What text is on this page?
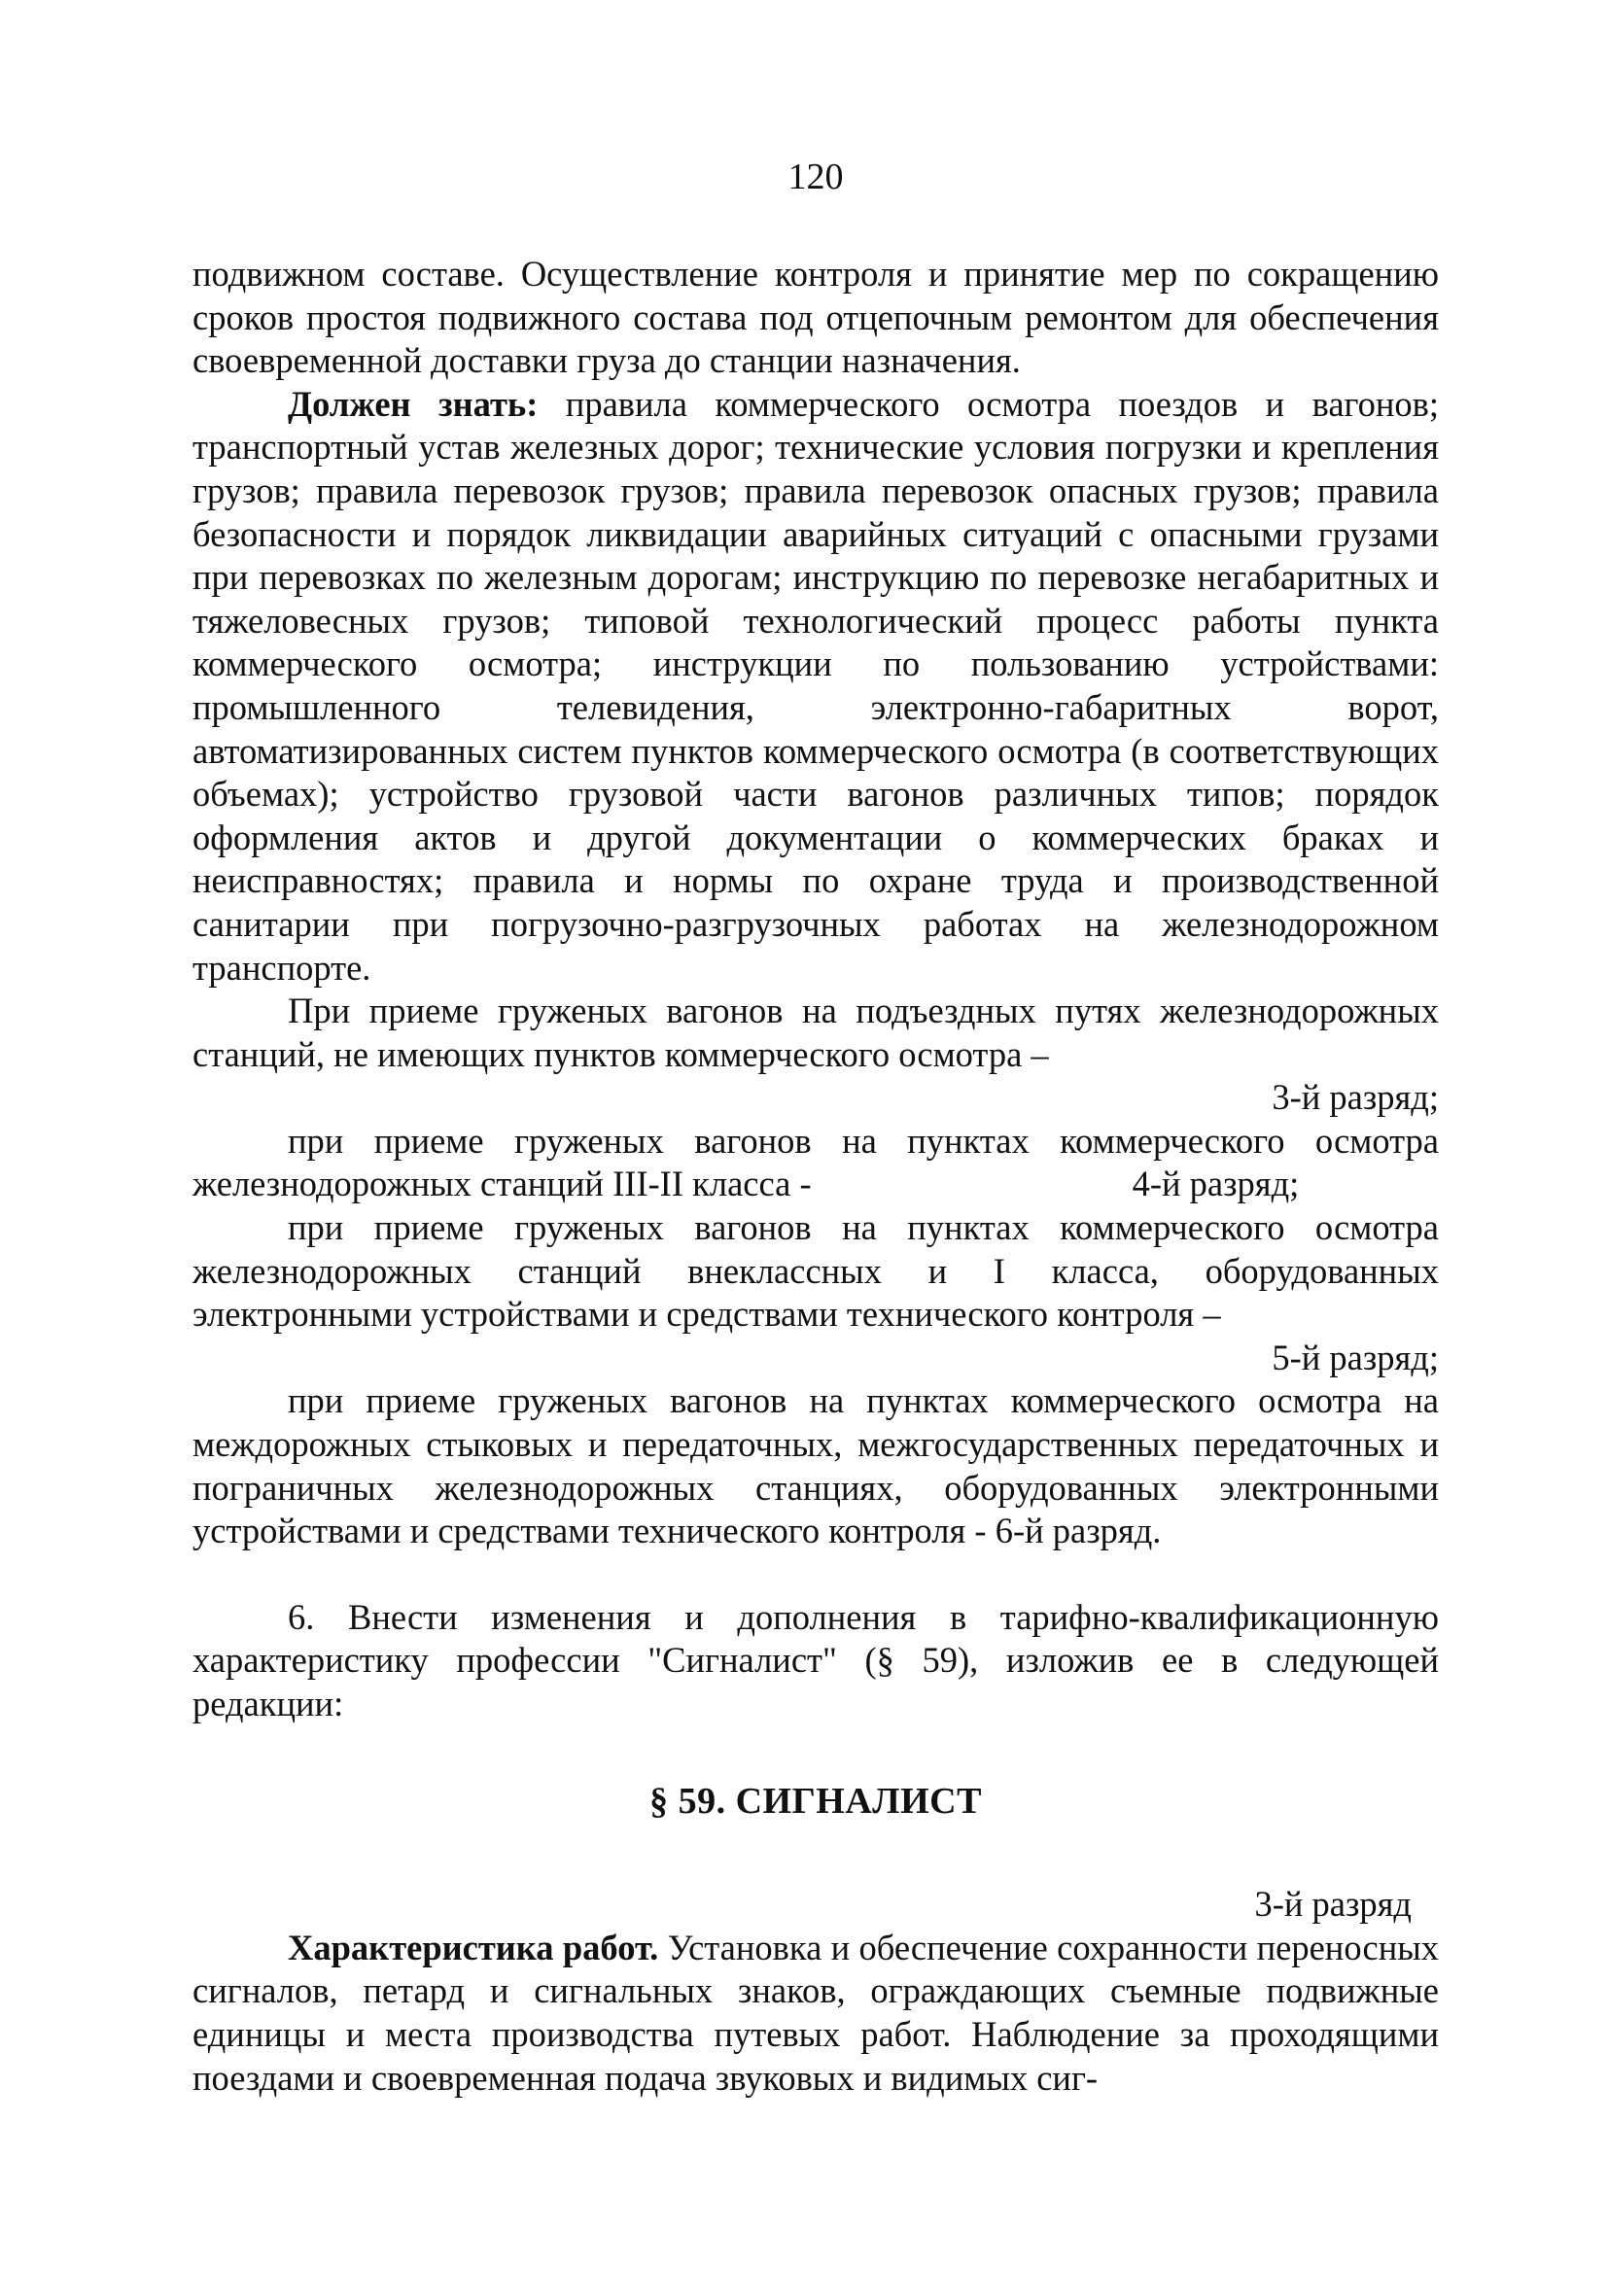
120

подвижном составе. Осуществление контроля и принятие мер по сокращению сроков простоя подвижного состава под отцепочным ремонтом для обеспечения своевременной доставки груза до станции назначения.

Должен знать: правила коммерческого осмотра поездов и вагонов; транспортный устав железных дорог; технические условия погрузки и крепления грузов; правила перевозок грузов; правила перевозок опасных грузов; правила безопасности и порядок ликвидации аварийных ситуаций с опасными грузами при перевозках по железным дорогам; инструкцию по перевозке негабаритных и тяжеловесных грузов; типовой технологический процесс работы пункта коммерческого осмотра; инструкции по пользованию устройствами: промышленного телевидения, электронно-габаритных ворот, автоматизированных систем пунктов коммерческого осмотра (в соответствующих объемах); устройство грузовой части вагонов различных типов; порядок оформления актов и другой документации о коммерческих браках и неисправностях; правила и нормы по охране труда и производственной санитарии при погрузочно-разгрузочных работах на железнодорожном транспорте.

При приеме груженых вагонов на подъездных путях железнодорожных станций, не имеющих пунктов коммерческого осмотра –

3-й разряд;

при приеме груженых вагонов на пунктах коммерческого осмотра железнодорожных станций III-II класса -	4-й разряд;

при приеме груженых вагонов на пунктах коммерческого осмотра железнодорожных станций внеклассных и I класса, оборудованных электронными устройствами и средствами технического контроля –

5-й разряд;

при приеме груженых вагонов на пунктах коммерческого осмотра на междорожных стыковых и передаточных, межгосударственных передаточных и пограничных железнодорожных станциях, оборудованных электронными устройствами и средствами технического контроля - 6-й разряд.

6. Внести изменения и дополнения в тарифно-квалификационную характеристику профессии "Сигналист" (§ 59), изложив ее в следующей редакции:

§ 59. СИГНАЛИСТ

3-й разряд

Характеристика работ. Установка и обеспечение сохранности переносных сигналов, петард и сигнальных знаков, ограждающих съемные подвижные единицы и места производства путевых работ. Наблюдение за проходящими поездами и своевременная подача звуковых и видимых сиг-
